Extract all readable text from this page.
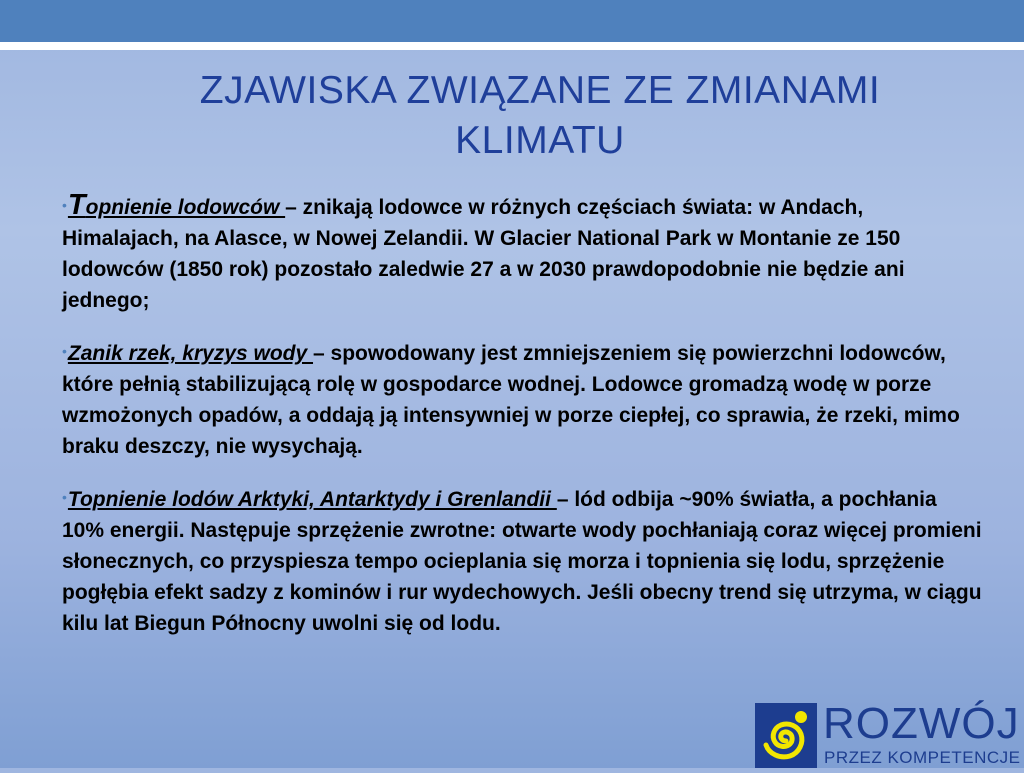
ZJAWISKA ZWIĄZANE ZE ZMIANAMI KLIMATU

•Topnienie lodowców – znikają lodowce w różnych częściach świata: w Andach, Himalajach, na Alasce, w Nowej Zelandii. W Glacier National Park w Montanie ze 150 lodowców (1850 rok) pozostało zaledwie 27 a w 2030 prawdopodobnie nie będzie ani jednego;

•Zanik rzek, kryzys wody – spowodowany jest zmniejszeniem się powierzchni lodowców, które pełnią stabilizującą rolę w gospodarce wodnej. Lodowce gromadzą wodę w porze wzmożonych opadów, a oddają ją intensywniej w porze ciepłej, co sprawia, że rzeki, mimo braku deszczy, nie wysychają.

•Topnienie lodów Arktyki, Antarktydy i Grenlandii – lód odbija ~90% światła, a pochłania 10% energii. Następuje sprzężenie zwrotne: otwarte wody pochłaniają coraz więcej promieni słonecznych, co przyspiesza tempo ocieplania się morza i topnienia się lodu, sprzężenie pogłębia efekt sadzy z kominów i rur wydechowych. Jeśli obecny trend się utrzyma, w ciągu kilu lat Biegun Północny uwolni się od lodu.

ROZWÓJ
PRZEZ KOMPETENCJE
